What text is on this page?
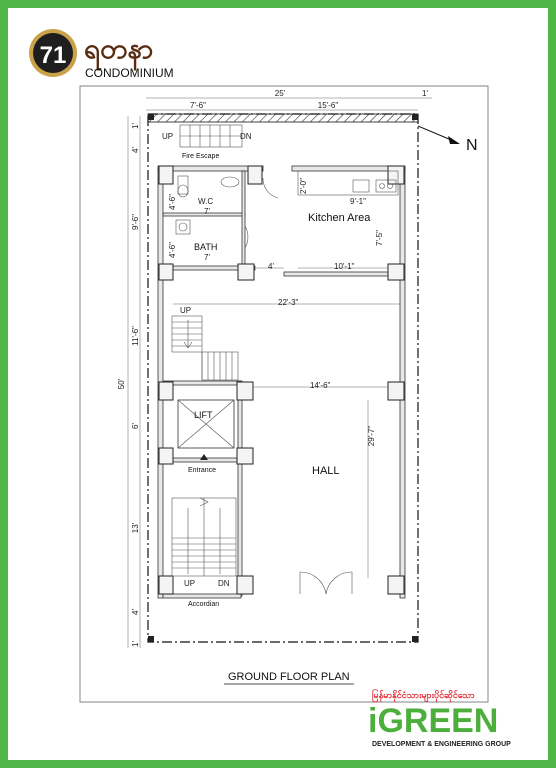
71 ရတနာ
CONDOMINIUM
25'	1'
7'-6"	15'-6"
N
1'
4'
9'-6"
11'-6"
6'
13'
4'
1'
50'
UP	DN
Fire Escape
W.C
7'
4'-6"
BATH
7'
4'-6"
2'-0"
9'-1"
Kitchen Area
7'-5"
4'	10'-1"
22'-3"
UP
LIFT
Entrance
14'-6"
29'-7"
HALL
UP	DN
Accordian
GROUND FLOOR PLAN
မြန်မာနိုင်ငံသားများပိုင်ဆိုင်သော
iGREEN
DEVELOPMENT & ENGINEERING GROUP
